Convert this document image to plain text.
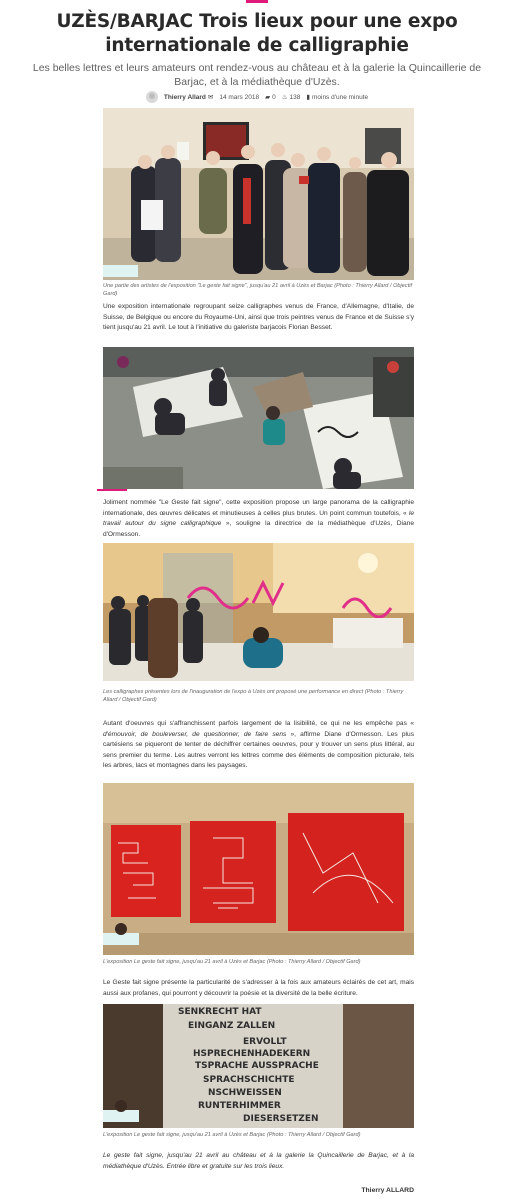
UZÈS/BARJAC Trois lieux pour une expo internationale de calligraphie
Les belles lettres et leurs amateurs ont rendez-vous au château et à la galerie la Quincaillerie de Barjac, et à la médiathèque d'Uzès.
Thierry Allard ✉ 14 mars 2018 ▰ 0 ♨ 138 ▮ moins d'une minute
Une partie des artistes de l'exposition "Le geste fait signe", jusqu'au 21 avril à Uzès et Barjac (Photo : Thierry Allard / Objectif Gard)
Une exposition internationale regroupant seize calligraphes venus de France, d'Allemagne, d'Italie, de Suisse, de Belgique ou encore du Royaume-Uni, ainsi que trois peintres venus de France et de Suisse s'y tient jusqu'au 21 avril. Le tout à l'initiative du galeriste barjacois Florian Besset.
Joliment nommée "Le Geste fait signe", cette exposition propose un large panorama de la calligraphie internationale, des œuvres délicates et minutieuses à celles plus brutes. Un point commun toutefois, « le travail autour du signe calligraphique », souligne la directrice de la médiathèque d'Uzès, Diane d'Ormesson.
Les calligraphes présentes lors de l'inauguration de l'expo à Uzès ont proposé une performance en direct (Photo : Thierry Allard / Objectif Gard)
Autant d'oeuvres qui s'affranchissent parfois largement de la lisibilité, ce qui ne les empêche pas « d'émouvoir, de bouleverser, de questionner, de faire sens », affirme Diane d'Ormesson. Les plus cartésiens se piqueront de tenter de déchiffrer certaines oeuvres, pour y trouver un sens plus littéral, au sens premier du terme. Les autres verront les lettres comme des éléments de composition picturale, tels les arbres, lacs et montagnes dans les paysages.
L'exposition Le geste fait signe, jusqu'au 21 avril à Uzès et Barjac (Photo : Thierry Allard / Objectif Gard)
Le Geste fait signe présente la particularité de s'adresser à la fois aux amateurs éclairés de cet art, mais aussi aux profanes, qui pourront y découvrir la poésie et la diversité de la belle écriture.
SENKRECHT HAT
EINGANZ ZALLEN
ERVOLLT
HSPRECHENHADEKERN
TSPRACHE AUSSPRACHE
SPRACHSCHICHTE
NSCHWEISSEN
RUNTERHIMMER
DIESERSETZEN
L'exposition Le geste fait signe, jusqu'au 21 avril à Uzès et Barjac (Photo : Thierry Allard / Objectif Gard)
Le geste fait signe, jusqu'au 21 avril au château et à la galerie la Quincaillerie de Barjac, et à la médiathèque d'Uzès. Entrée libre et gratuite sur les trois lieux.
Thierry ALLARD
